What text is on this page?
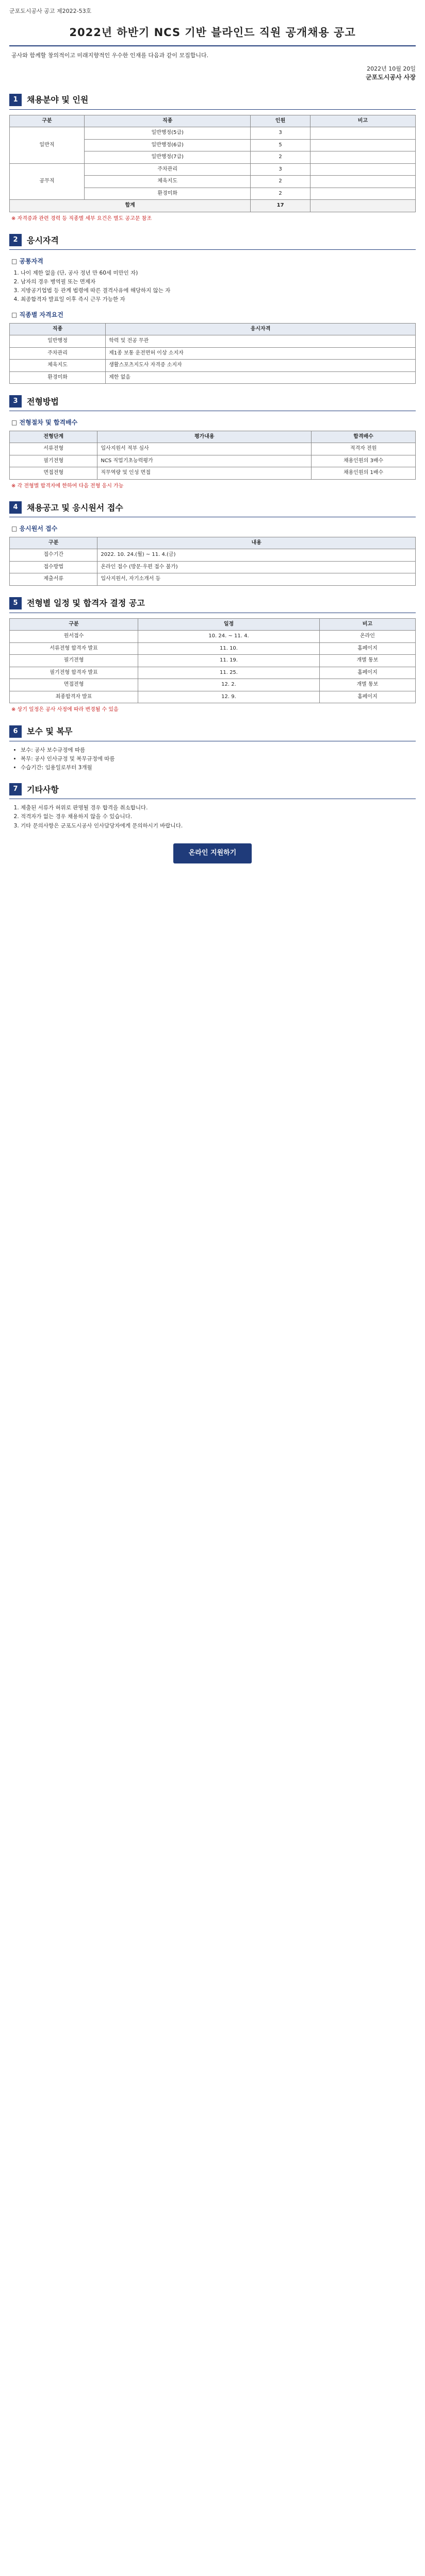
군포도시공사 공고 제2022-53호
2022년 하반기 NCS 기반 블라인드 직원 공개채용 공고
공사와 함께할 창의적이고 미래지향적인 우수한 인재를 다음과 같이 모집합니다.
2022년 10월 20일
군포도시공사 사장
1	채용분야 및 인원
구분	직종	인원	비고
일반직	일반행정(5급)	3	
	일반행정(6급)	5	
	일반행정(7급)	2	
공무직	주차관리	3	
	체육지도	2	
	환경미화	2	
합계		17	
※ 자격증과 관련 경력 등 직종별 세부 요건은 별도 공고문 참조
2	응시자격
□ 공통자격
1. 나이 제한 없음 (단, 공사 정년 만 60세 미만인 자)
2. 남자의 경우 병역필 또는 면제자
3. 지방공기업법 등 관계 법령에 따른 결격사유에 해당하지 않는 자
4. 최종합격자 발표일 이후 즉시 근무 가능한 자
□ 직종별 자격요건
직종	응시자격
일반행정	학력 및 전공 무관
주차관리	제1종 보통 운전면허 이상 소지자
체육지도	생활스포츠지도사 자격증 소지자
환경미화	제한 없음
3	전형방법
□ 전형절차 및 합격배수
전형단계	평가내용	합격배수
서류전형	입사지원서 적부 심사	적격자 전원
필기전형	NCS 직업기초능력평가	채용인원의 3배수
면접전형	직무역량 및 인성 면접	채용인원의 1배수
※ 각 전형별 합격자에 한하여 다음 전형 응시 가능
4	채용공고 및 응시원서 접수
□ 응시원서 접수
구분	내용
접수기간	2022. 10. 24.(월) ~ 11. 4.(금)
접수방법	온라인 접수 (방문·우편 접수 불가)
제출서류	입사지원서, 자기소개서 등
5	전형별 일정 및 합격자 결정 공고
구분	일정	비고
원서접수	10. 24. ~ 11. 4.	온라인
서류전형 합격자 발표	11. 10.	홈페이지
필기전형	11. 19.	개별 통보
필기전형 합격자 발표	11. 25.	홈페이지
면접전형	12. 2.	개별 통보
최종합격자 발표	12. 9.	홈페이지
※ 상기 일정은 공사 사정에 따라 변경될 수 있음
6	보수 및 복무
• 보수: 공사 보수규정에 따름
• 복무: 공사 인사규정 및 복무규정에 따름
• 수습기간: 임용일로부터 3개월
7	기타사항
1. 제출된 서류가 허위로 판명될 경우 합격을 취소합니다.
2. 적격자가 없는 경우 채용하지 않을 수 있습니다.
3. 기타 문의사항은 군포도시공사 인사담당자에게 문의하시기 바랍니다.
온라인 지원하기
